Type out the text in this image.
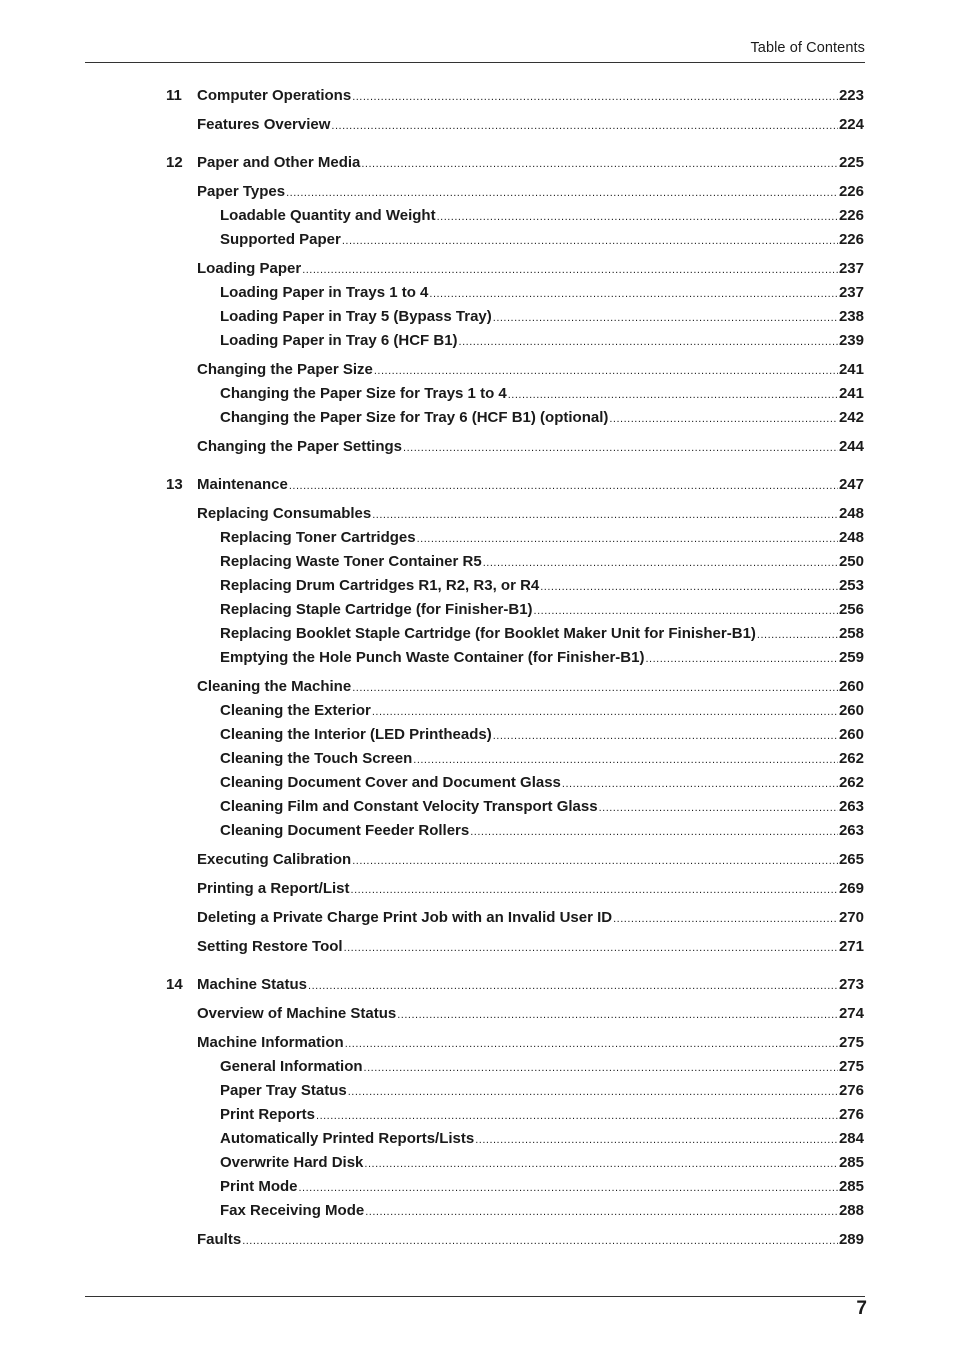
Table of Contents
11 Computer Operations .....	223
Features Overview .....	224
12 Paper and Other Media .....	225
Paper Types .....	226
Loadable Quantity and Weight .....	226
Supported Paper .....	226
Loading Paper .....	237
Loading Paper in Trays 1 to 4 .....	237
Loading Paper in Tray 5 (Bypass Tray) .....	238
Loading Paper in Tray 6 (HCF B1) .....	239
Changing the Paper Size .....	241
Changing the Paper Size for Trays 1 to 4 .....	241
Changing the Paper Size for Tray 6 (HCF B1) (optional) .....	242
Changing the Paper Settings .....	244
13 Maintenance .....	247
Replacing Consumables .....	248
Replacing Toner Cartridges .....	248
Replacing Waste Toner Container R5 .....	250
Replacing Drum Cartridges R1, R2, R3, or R4 .....	253
Replacing Staple Cartridge (for Finisher-B1) .....	256
Replacing Booklet Staple Cartridge (for Booklet Maker Unit for Finisher-B1) .....	258
Emptying the Hole Punch Waste Container (for Finisher-B1) .....	259
Cleaning the Machine .....	260
Cleaning the Exterior .....	260
Cleaning the Interior (LED Printheads) .....	260
Cleaning the Touch Screen .....	262
Cleaning Document Cover and Document Glass .....	262
Cleaning Film and Constant Velocity Transport Glass .....	263
Cleaning Document Feeder Rollers .....	263
Executing Calibration .....	265
Printing a Report/List .....	269
Deleting a Private Charge Print Job with an Invalid User ID .....	270
Setting Restore Tool .....	271
14 Machine Status .....	273
Overview of Machine Status .....	274
Machine Information .....	275
General Information .....	275
Paper Tray Status .....	276
Print Reports .....	276
Automatically Printed Reports/Lists .....	284
Overwrite Hard Disk .....	285
Print Mode .....	285
Fax Receiving Mode .....	288
Faults .....	289
7
